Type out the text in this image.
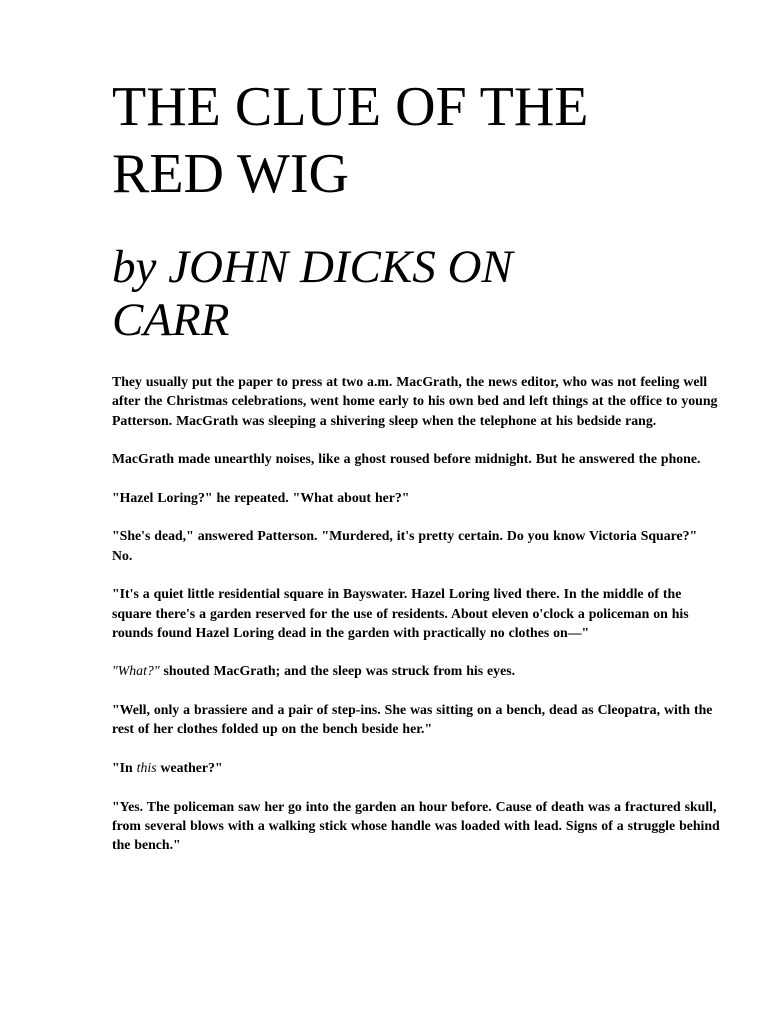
THE CLUE OF THE
RED WIG
by JOHN DICKS ON
CARR

They usually put the paper to press at two a.m. MacGrath, the news editor, who was not feeling well after the Christmas celebrations, went home early to his own bed and left things at the office to young Patterson. MacGrath was sleeping a shivering sleep when the telephone at his bedside rang.

MacGrath made unearthly noises, like a ghost roused before midnight. But he answered the phone.

"Hazel Loring?" he repeated. "What about her?"

"She's dead," answered Patterson. "Murdered, it's pretty certain. Do you know Victoria Square?" No.

"It's a quiet little residential square in Bayswater. Hazel Loring lived there. In the middle of the square there's a garden reserved for the use of residents. About eleven o'clock a policeman on his rounds found Hazel Loring dead in the garden with practically no clothes on—"

"What?" shouted MacGrath; and the sleep was struck from his eyes.

"Well, only a brassiere and a pair of step-ins. She was sitting on a bench, dead as Cleopatra, with the rest of her clothes folded up on the bench beside her."

"In this weather?"

"Yes. The policeman saw her go into the garden an hour before. Cause of death was a fractured skull, from several blows with a walking stick whose handle was loaded with lead. Signs of a struggle behind the bench."
